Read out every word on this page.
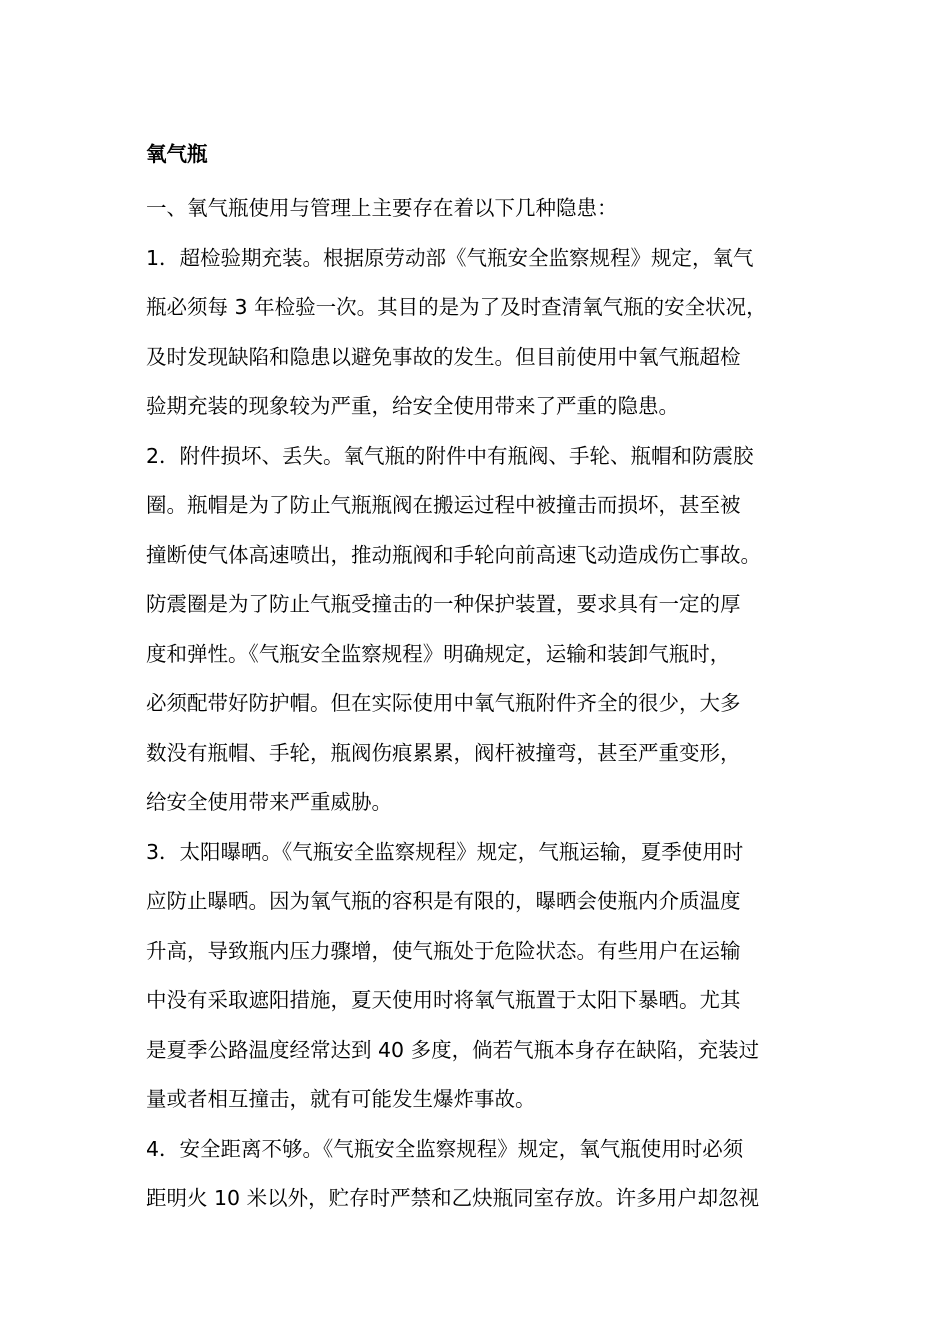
氧气瓶
一、氧气瓶使用与管理上主要存在着以下几种隐患：
1．超检验期充装。根据原劳动部《气瓶安全监察规程》规定，氧气
瓶必须每 3 年检验一次。其目的是为了及时查清氧气瓶的安全状况，
及时发现缺陷和隐患以避免事故的发生。但目前使用中氧气瓶超检
验期充装的现象较为严重，给安全使用带来了严重的隐患。
2．附件损坏、丢失。氧气瓶的附件中有瓶阀、手轮、瓶帽和防震胶
圈。瓶帽是为了防止气瓶瓶阀在搬运过程中被撞击而损坏，甚至被
撞断使气体高速喷出，推动瓶阀和手轮向前高速飞动造成伤亡事故。
防震圈是为了防止气瓶受撞击的一种保护装置，要求具有一定的厚
度和弹性。《气瓶安全监察规程》明确规定，运输和装卸气瓶时，
必须配带好防护帽。但在实际使用中氧气瓶附件齐全的很少，大多
数没有瓶帽、手轮，瓶阀伤痕累累，阀杆被撞弯，甚至严重变形，
给安全使用带来严重威胁。
3．太阳曝晒。《气瓶安全监察规程》规定，气瓶运输，夏季使用时
应防止曝晒。因为氧气瓶的容积是有限的，曝晒会使瓶内介质温度
升高，导致瓶内压力骤增，使气瓶处于危险状态。有些用户在运输
中没有采取遮阳措施，夏天使用时将氧气瓶置于太阳下暴晒。尤其
是夏季公路温度经常达到 40 多度，倘若气瓶本身存在缺陷，充装过
量或者相互撞击，就有可能发生爆炸事故。
4．安全距离不够。《气瓶安全监察规程》规定，氧气瓶使用时必须
距明火 10 米以外，贮存时严禁和乙炔瓶同室存放。许多用户却忽视
